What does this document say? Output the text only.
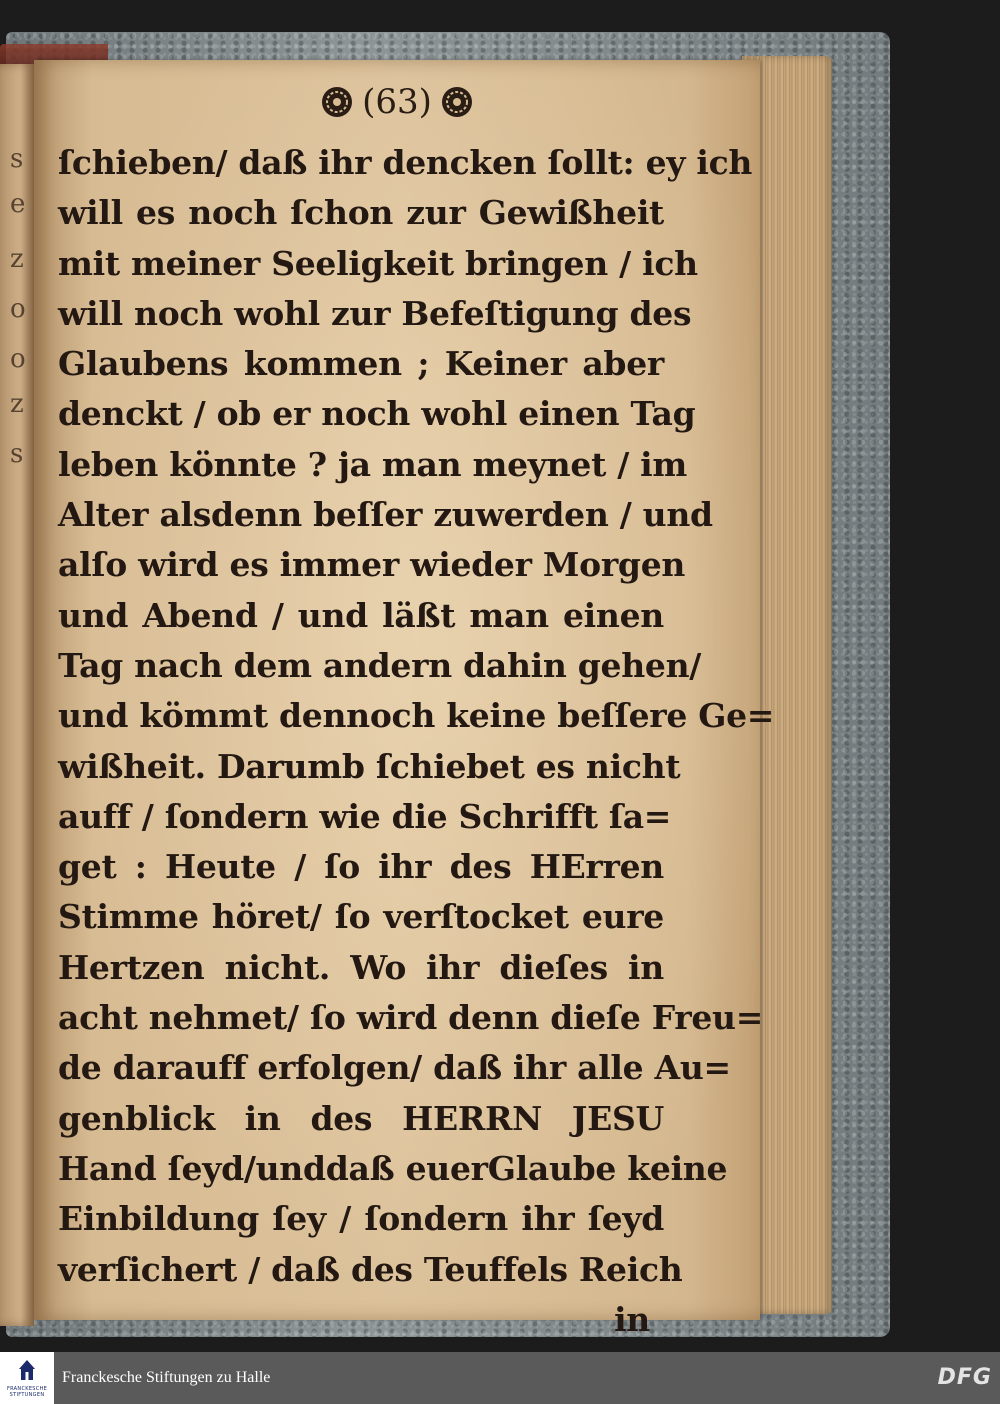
s
e
z
o
o
z
s
(63)
ſchieben/ daß ihr dencken ſollt: ey ich
will es noch ſchon zur Gewißheit
mit meiner Seeligkeit bringen / ich
will noch wohl zur Befeſtigung des
Glaubens kommen ; Keiner aber
denckt / ob er noch wohl einen Tag
leben könnte ? ja man meynet / im
Alter alsdenn beſſer zuwerden / und
alſo wird es immer wieder Morgen
und Abend / und läßt man einen
Tag nach dem andern dahin gehen/
und kömmt dennoch keine beſſere Ge=
wißheit. Darumb ſchiebet es nicht
auff / ſondern wie die Schrifft ſa=
get : Heute / ſo ihr des HErren
Stimme höret/ ſo verſtocket eure
Hertzen nicht. Wo ihr dieſes in
acht nehmet/ ſo wird denn dieſe Freu=
de darauff erfolgen/ daß ihr alle Au=
genblick in des HERRN JESU
Hand ſeyd/unddaß euerGlaube keine
Einbildung ſey / ſondern ihr ſeyd
verſichert / daß des Teuffels Reich
in
FRANCKESCHE STIFTUNGEN
Franckesche Stiftungen zu Halle	DFG
